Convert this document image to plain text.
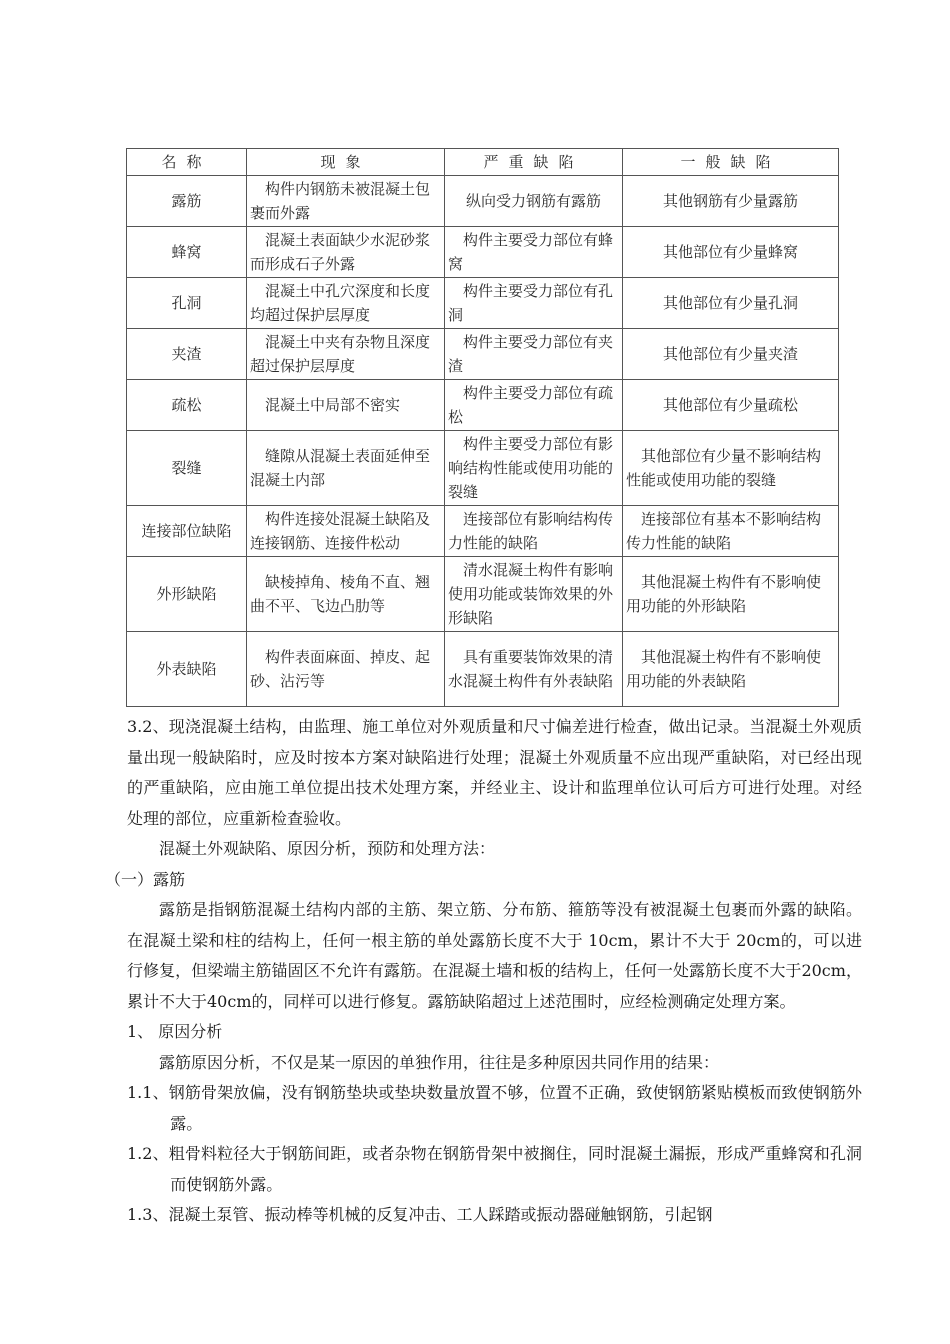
名称	现象	严重缺陷	一般缺陷
露筋	构件内钢筋未被混凝土包裹而外露	纵向受力钢筋有露筋	其他钢筋有少量露筋
蜂窝	混凝土表面缺少水泥砂浆而形成石子外露	构件主要受力部位有蜂窝	其他部位有少量蜂窝
孔洞	混凝土中孔穴深度和长度均超过保护层厚度	构件主要受力部位有孔洞	其他部位有少量孔洞
夹渣	混凝土中夹有杂物且深度超过保护层厚度	构件主要受力部位有夹渣	其他部位有少量夹渣
疏松	混凝土中局部不密实	构件主要受力部位有疏松	其他部位有少量疏松
裂缝	缝隙从混凝土表面延伸至混凝土内部	构件主要受力部位有影响结构性能或使用功能的裂缝	其他部位有少量不影响结构性能或使用功能的裂缝
连接部位缺陷	构件连接处混凝土缺陷及连接钢筋、连接件松动	连接部位有影响结构传力性能的缺陷	连接部位有基本不影响结构传力性能的缺陷
外形缺陷	缺棱掉角、棱角不直、翘曲不平、飞边凸肋等	清水混凝土构件有影响使用功能或装饰效果的外形缺陷	其他混凝土构件有不影响使用功能的外形缺陷
外表缺陷	构件表面麻面、掉皮、起砂、沾污等	具有重要装饰效果的清水混凝土构件有外表缺陷	其他混凝土构件有不影响使用功能的外表缺陷

3.2、现浇混凝土结构，由监理、施工单位对外观质量和尺寸偏差进行检查，做出记录。当混凝土外观质量出现一般缺陷时，应及时按本方案对缺陷进行处理；混凝土外观质量不应出现严重缺陷，对已经出现的严重缺陷，应由施工单位提出技术处理方案，并经业主、设计和监理单位认可后方可进行处理。对经处理的部位，应重新检查验收。

混凝土外观缺陷、原因分析，预防和处理方法：

（一）露筋

露筋是指钢筋混凝土结构内部的主筋、架立筋、分布筋、箍筋等没有被混凝土包裹而外露的缺陷。在混凝土梁和柱的结构上，任何一根主筋的单处露筋长度不大于 10cm，累计不大于 20cm的，可以进行修复，但梁端主筋锚固区不允许有露筋。在混凝土墙和板的结构上，任何一处露筋长度不大于20cm，累计不大于40cm的，同样可以进行修复。露筋缺陷超过上述范围时，应经检测确定处理方案。

1、 原因分析

露筋原因分析，不仅是某一原因的单独作用，往往是多种原因共同作用的结果：

1.1、钢筋骨架放偏，没有钢筋垫块或垫块数量放置不够，位置不正确，致使钢筋紧贴模板而致使钢筋外露。

1.2、粗骨料粒径大于钢筋间距，或者杂物在钢筋骨架中被搁住，同时混凝土漏振，形成严重蜂窝和孔洞而使钢筋外露。

1.3、混凝土泵管、振动棒等机械的反复冲击、工人踩踏或振动器碰触钢筋，引起钢
